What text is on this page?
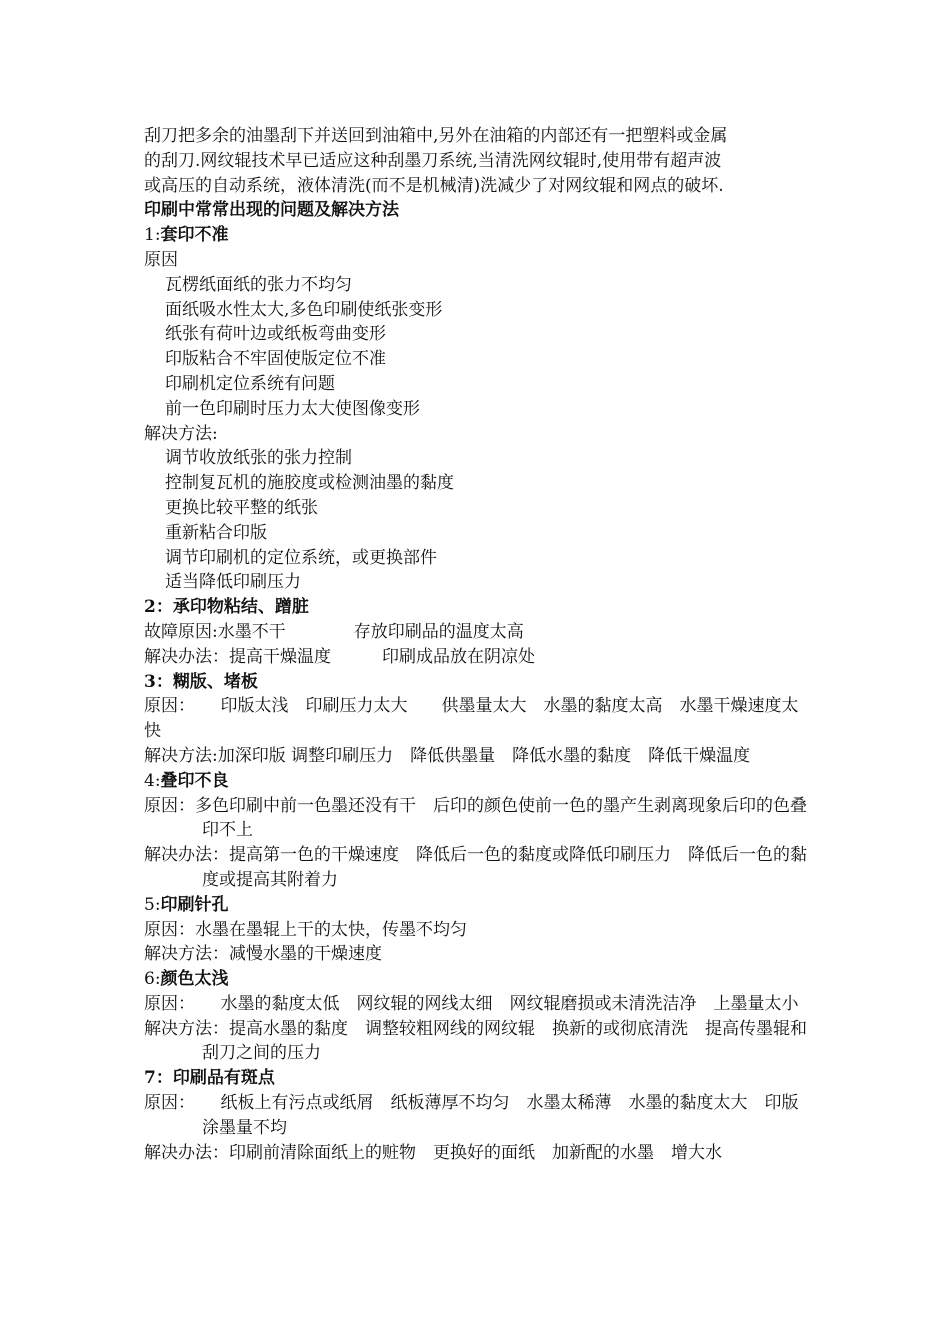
刮刀把多余的油墨刮下并送回到油箱中,另外在油箱的内部还有一把塑料或金属
的刮刀.网纹辊技术早已适应这种刮墨刀系统,当清洗网纹辊时,使用带有超声波
或高压的自动系统，液体清洗(而不是机械清)洗减少了对网纹辊和网点的破坏.
印刷中常常出现的问题及解决方法
1:套印不准
原因
瓦楞纸面纸的张力不均匀
面纸吸水性太大,多色印刷使纸张变形
纸张有荷叶边或纸板弯曲变形
印版粘合不牢固使版定位不准
印刷机定位系统有问题
前一色印刷时压力太大使图像变形
解决方法:
调节收放纸张的张力控制
控制复瓦机的施胶度或检测油墨的黏度
更换比较平整的纸张
重新粘合印版
调节印刷机的定位系统，或更换部件
适当降低印刷压力
2：承印物粘结、蹭脏
故障原因:水墨不干　　　　存放印刷品的温度太高
解决办法：提高干燥温度　　　印刷成品放在阴凉处
3：糊版、堵板
原因：　　印版太浅　印刷压力太大　　供墨量太大　水墨的黏度太高　水墨干燥速度太快
解决方法:加深印版 调整印刷压力　降低供墨量　降低水墨的黏度　降低干燥温度
4:叠印不良
原因：多色印刷中前一色墨还没有干　后印的颜色使前一色的墨产生剥离现象后印的色叠印不上
解决办法：提高第一色的干燥速度　降低后一色的黏度或降低印刷压力　降低后一色的黏度或提高其附着力
5:印刷针孔
原因：水墨在墨辊上干的太快，传墨不均匀
解决方法：减慢水墨的干燥速度
6:颜色太浅
原因：　　水墨的黏度太低　网纹辊的网线太细　网纹辊磨损或未清洗洁净　上墨量太小
解决方法：提高水墨的黏度　调整较粗网线的网纹辊　换新的或彻底清洗　提高传墨辊和刮刀之间的压力
7：印刷品有斑点
原因：　　纸板上有污点或纸屑　纸板薄厚不均匀　水墨太稀薄　水墨的黏度太大　印版涂墨量不均
解决办法：印刷前清除面纸上的赃物　更换好的面纸　加新配的水墨　增大水
